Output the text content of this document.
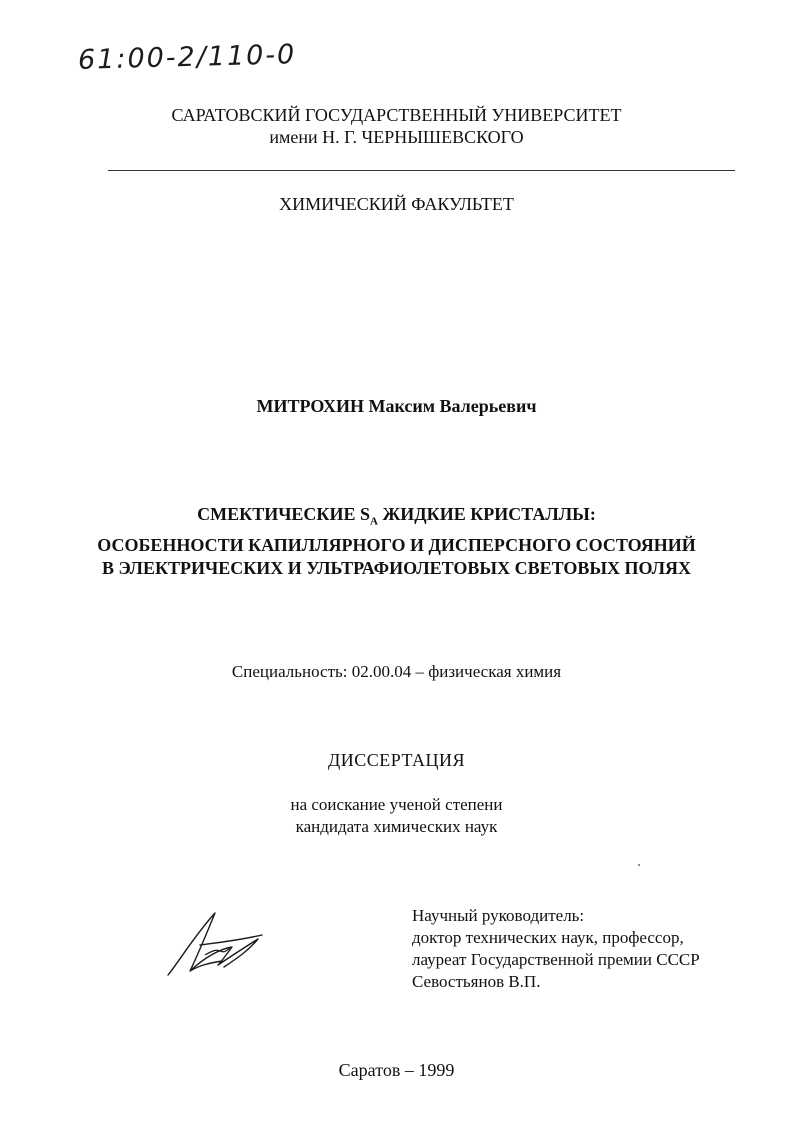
61:00-2/110-0
САРАТОВСКИЙ ГОСУДАРСТВЕННЫЙ УНИВЕРСИТЕТ
имени Н. Г. ЧЕРНЫШЕВСКОГО
ХИМИЧЕСКИЙ ФАКУЛЬТЕТ
МИТРОХИН Максим Валерьевич
СМЕКТИЧЕСКИЕ $S_A$ ЖИДКИЕ КРИСТАЛЛЫ:
ОСОБЕННОСТИ КАПИЛЛЯРНОГО И ДИСПЕРСНОГО СОСТОЯНИЙ
В ЭЛЕКТРИЧЕСКИХ И УЛЬТРАФИОЛЕТОВЫХ СВЕТОВЫХ ПОЛЯХ
Специальность: 02.00.04 – физическая химия
ДИССЕРТАЦИЯ
на соискание ученой степени
кандидата химических наук
Научный руководитель:
доктор технических наук, профессор,
лауреат Государственной премии СССР
Севостьянов В.П.
Саратов – 1999
